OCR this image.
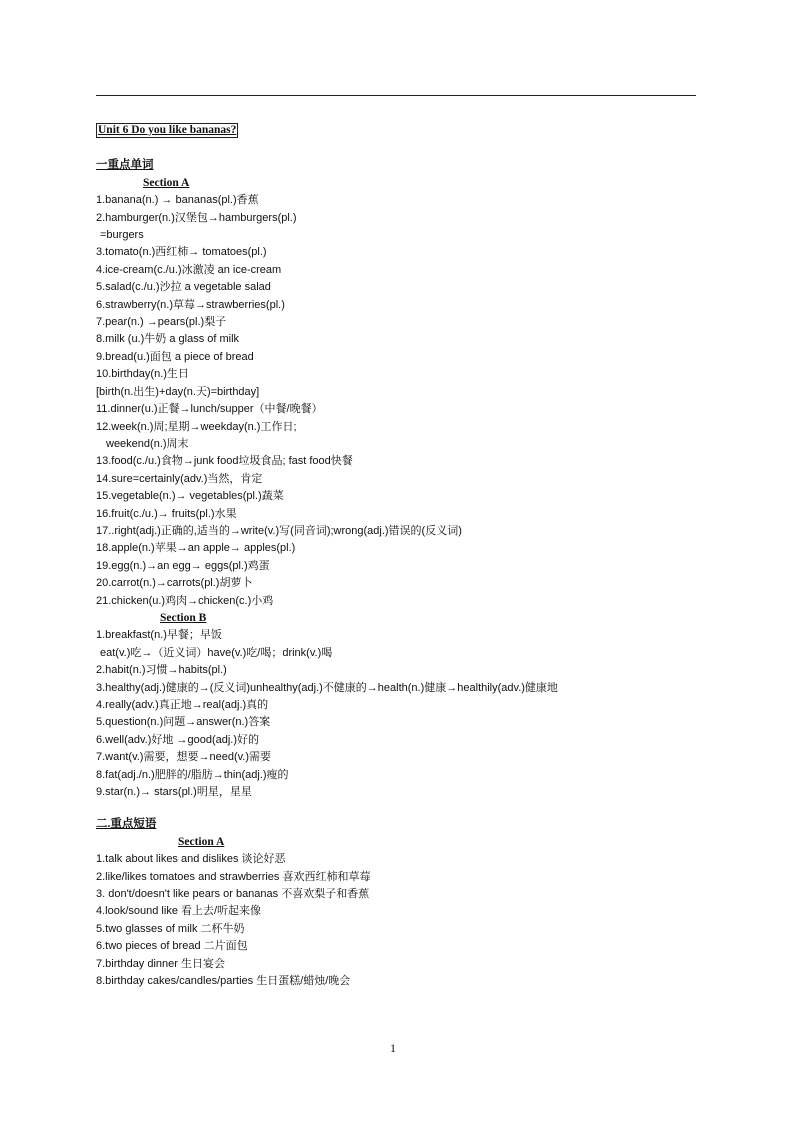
Unit 6 Do you like bananas?
一重点单词
Section A
1.banana(n.) → bananas(pl.)香蕉
2.hamburger(n.)汉堡包→hamburgers(pl.)
=burgers
3.tomato(n.)西红柿→ tomatoes(pl.)
4.ice-cream(c./u.)冰激凌 an ice-cream
5.salad(c./u.)沙拉 a vegetable salad
6.strawberry(n.)草莓→strawberries(pl.)
7.pear(n.) →pears(pl.)梨子
8.milk (u.)牛奶 a glass of milk
9.bread(u.)面包 a piece of bread
10.birthday(n.)生日
[birth(n.出生)+day(n.天)=birthday]
11.dinner(u.)正餐→lunch/supper（中餐/晚餐）
12.week(n.)周;星期→weekday(n.)工作日;
weekend(n.)周末
13.food(c./u.)食物→junk food垃圾食品; fast food快餐
14.sure=certainly(adv.)当然，肯定
15.vegetable(n.)→ vegetables(pl.)蔬菜
16.fruit(c./u.)→ fruits(pl.)水果
17..right(adj.)正确的,适当的→write(v.)写(同音词);wrong(adj.)错误的(反义词)
18.apple(n.)苹果→an apple→ apples(pl.)
19.egg(n.)→an egg→ eggs(pl.)鸡蛋
20.carrot(n.)→carrots(pl.)胡萝卜
21.chicken(u.)鸡肉→chicken(c.)小鸡
Section B
1.breakfast(n.)早餐；早饭
eat(v.)吃→（近义词）have(v.)吃/喝；drink(v.)喝
2.habit(n.)习惯→habits(pl.)
3.healthy(adj.)健康的→(反义词)unhealthy(adj.)不健康的→health(n.)健康→healthily(adv.)健康地
4.really(adv.)真正地→real(adj.)真的
5.question(n.)问题→answer(n.)答案
6.well(adv.)好地 →good(adj.)好的
7.want(v.)需要，想要→need(v.)需要
8.fat(adj./n.)肥胖的/脂肪→thin(adj.)瘦的
9.star(n.)→ stars(pl.)明星，星星
二.重点短语
Section A
1.talk about likes and dislikes 谈论好恶
2.like/likes tomatoes and strawberries 喜欢西红柿和草莓
3. don't/doesn't like pears or bananas 不喜欢梨子和香蕉
4.look/sound like 看上去/听起来像
5.two glasses of milk 二杯牛奶
6.two pieces of bread 二片面包
7.birthday dinner 生日宴会
8.birthday cakes/candles/parties 生日蛋糕/蜡烛/晚会
1
